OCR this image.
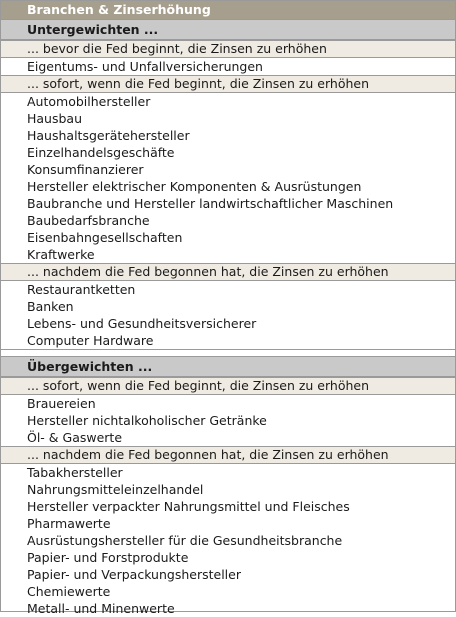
Branchen & Zinserhöhung
Untergewichten ...
... bevor die Fed beginnt, die Zinsen zu erhöhen
Eigentums- und Unfallversicherungen
... sofort, wenn die Fed beginnt, die Zinsen zu erhöhen
Automobilhersteller
Hausbau
Haushaltsgerätehersteller
Einzelhandelsgeschäfte
Konsumfinanzierer
Hersteller elektrischer Komponenten & Ausrüstungen
Baubranche und Hersteller landwirtschaftlicher Maschinen
Baubedarfsbranche
Eisenbahngesellschaften
Kraftwerke
... nachdem die Fed begonnen hat, die Zinsen zu erhöhen
Restaurantketten
Banken
Lebens- und Gesundheitsversicherer
Computer Hardware
Übergewichten ...
... sofort, wenn die Fed beginnt, die Zinsen zu erhöhen
Brauereien
Hersteller nichtalkoholischer Getränke
Öl- & Gaswerte
... nachdem die Fed begonnen hat, die Zinsen zu erhöhen
Tabakhersteller
Nahrungsmitteleinzelhandel
Hersteller verpackter Nahrungsmittel und Fleisches
Pharmawerte
Ausrüstungshersteller für die Gesundheitsbranche
Papier- und Forstprodukte
Papier- und Verpackungshersteller
Chemiewerte
Metall- und Minenwerte
